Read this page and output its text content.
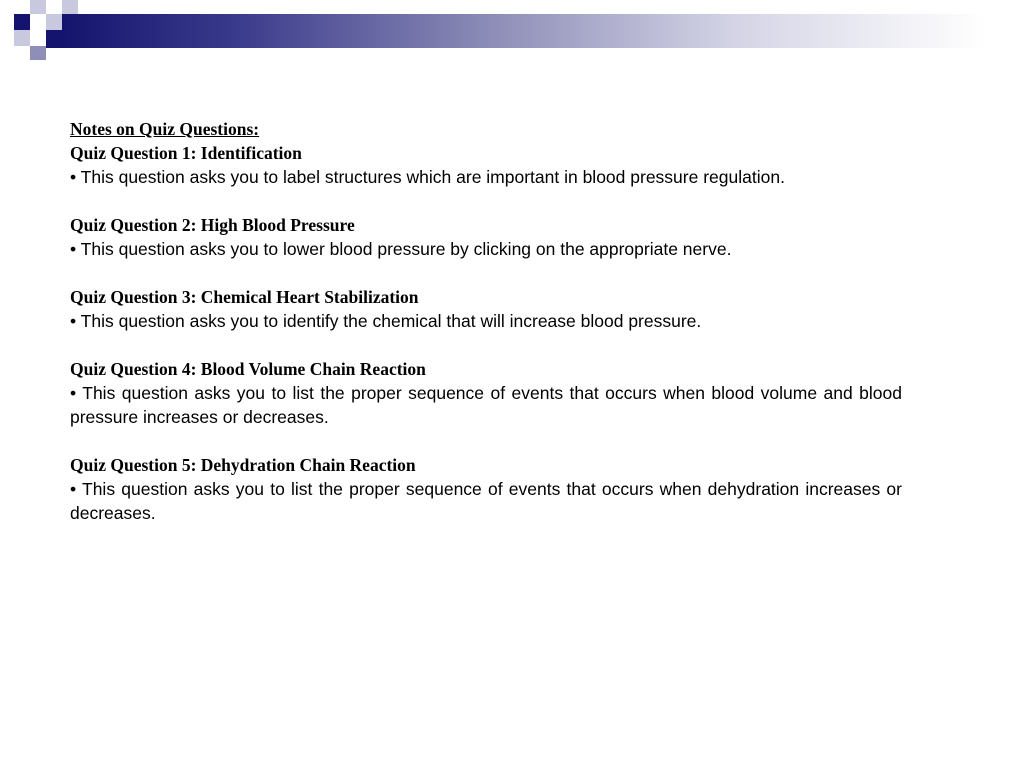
Notes on Quiz Questions:

Quiz Question 1: Identification

• This question asks you to label structures which are important in blood pressure regulation.

Quiz Question 2: High Blood Pressure

• This question asks you to lower blood pressure by clicking on the appropriate nerve.

Quiz Question 3: Chemical Heart Stabilization

• This question asks you to identify the chemical that will increase blood pressure.

Quiz Question 4: Blood Volume Chain Reaction

• This question asks you to list the proper sequence of events that occurs when blood volume and blood pressure increases or decreases.

Quiz Question 5: Dehydration Chain Reaction

• This question asks you to list the proper sequence of events that occurs when dehydration increases or decreases.
